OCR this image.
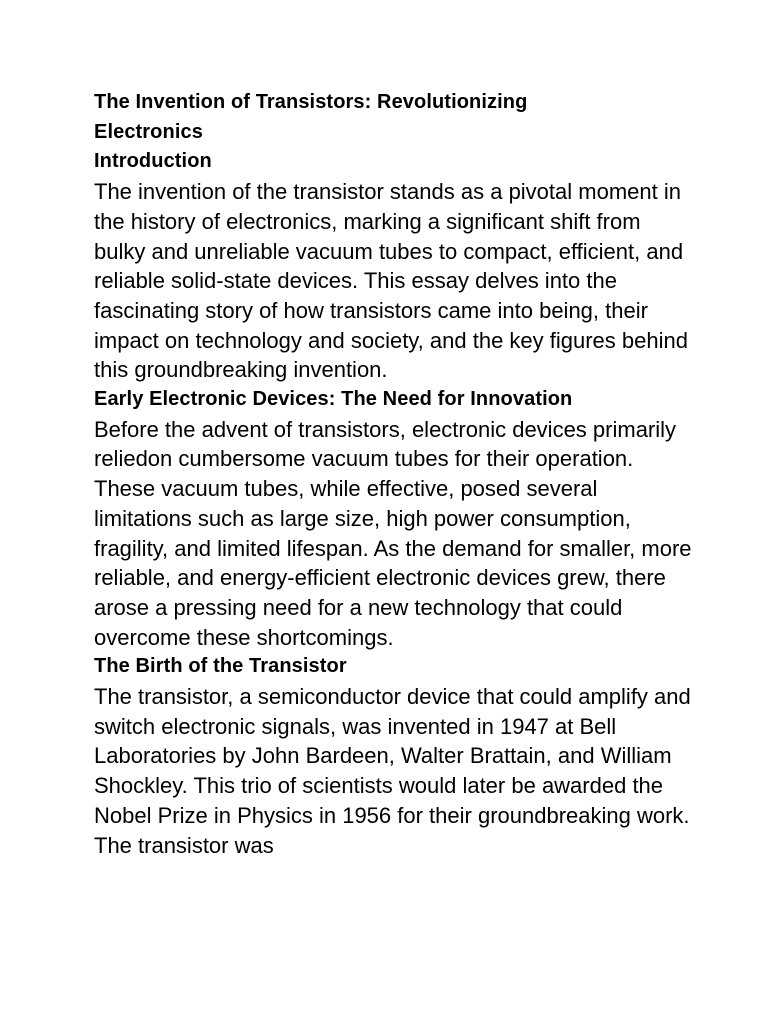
The Invention of Transistors: Revolutionizing Electronics
Introduction

The invention of the transistor stands as a pivotal moment in the history of electronics, marking a significant shift from bulky and unreliable vacuum tubes to compact, efficient, and reliable solid-state devices. This essay delves into the fascinating story of how transistors came into being, their impact on technology and society, and the key figures behind this groundbreaking invention.

Early Electronic Devices: The Need for Innovation

Before the advent of transistors, electronic devices primarily reliedon cumbersome vacuum tubes for their operation. These vacuum tubes, while effective, posed several limitations such as large size, high power consumption, fragility, and limited lifespan. As the demand for smaller, more reliable, and energy-efficient electronic devices grew, there arose a pressing need for a new technology that could overcome these shortcomings.

The Birth of the Transistor

The transistor, a semiconductor device that could amplify and switch electronic signals, was invented in 1947 at Bell Laboratories by John Bardeen, Walter Brattain, and William Shockley. This trio of scientists would later be awarded the Nobel Prize in Physics in 1956 for their groundbreaking work. The transistor was
